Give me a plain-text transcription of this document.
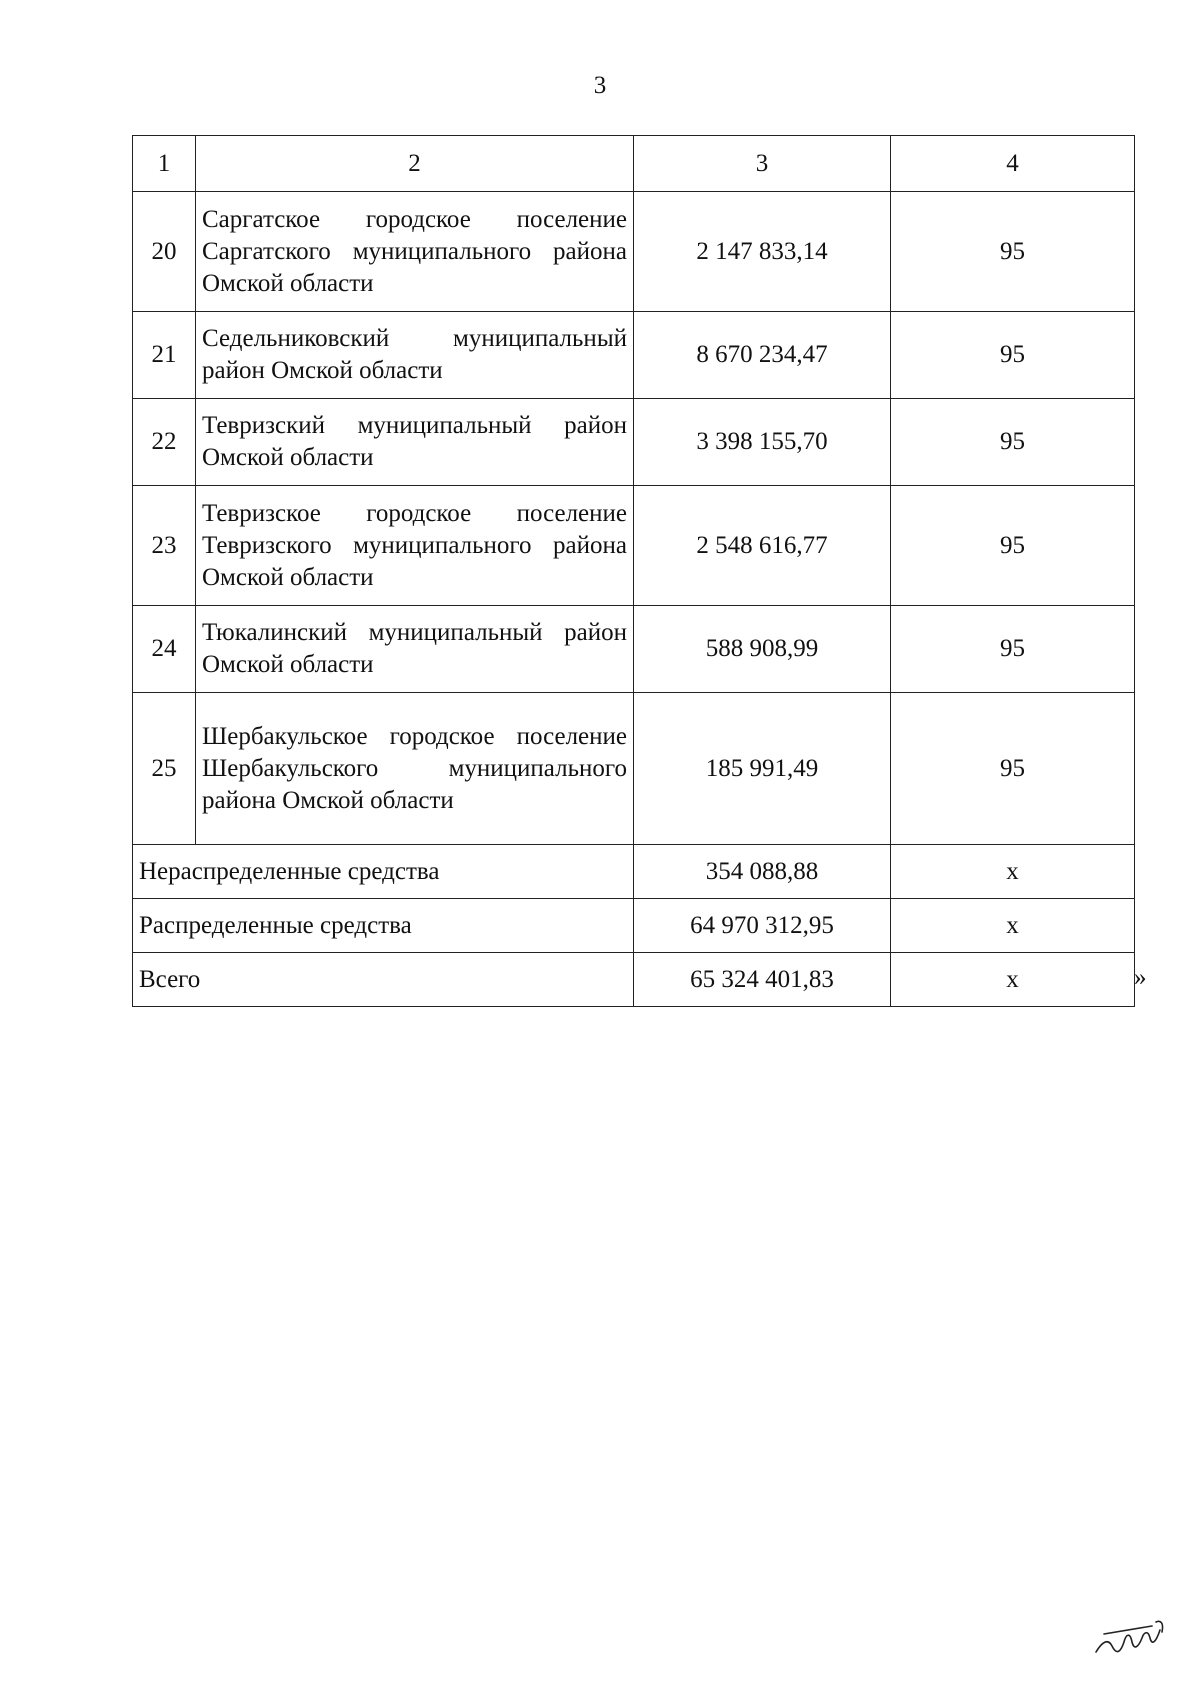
3
1	2	3	4
20	Саргатское городское поселение Саргатского муниципального района Омской области	2 147 833,14	95
21	Седельниковский муниципальный район Омской области	8 670 234,47	95
22	Тевризский муниципальный район Омской области	3 398 155,70	95
23	Тевризское городское поселение Тевризского муниципального района Омской области	2 548 616,77	95
24	Тюкалинский муниципальный район Омской области	588 908,99	95
25	Шербакульское городское поселение Шербакульского муниципального района Омской области	185 991,49	95
Нераспределенные средства		354 088,88	х
Распределенные средства		64 970 312,95	х
Всего		65 324 401,83	х	»
